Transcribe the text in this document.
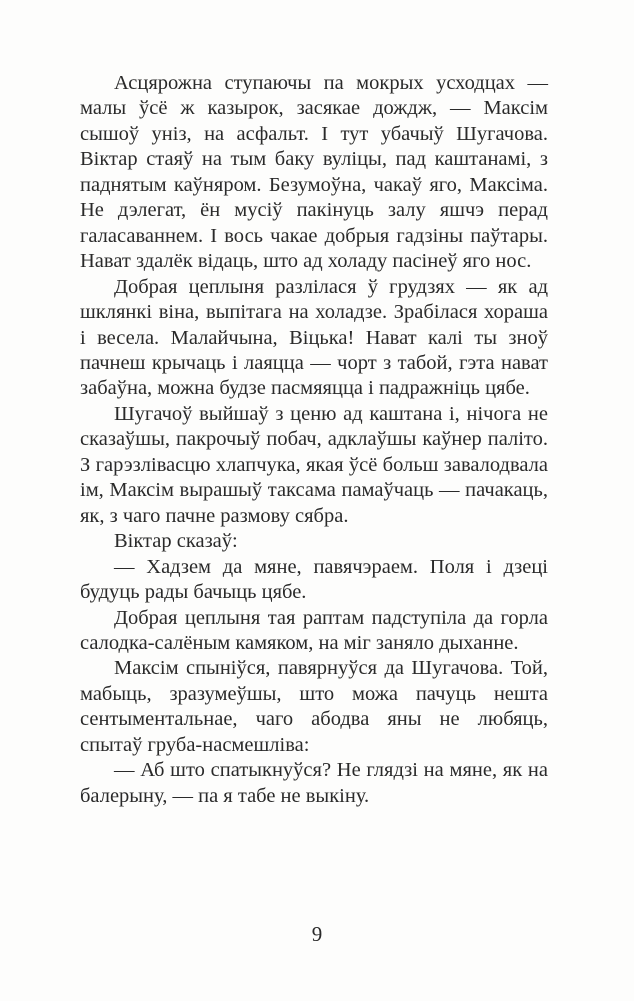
Асцярожна ступаючы па мокрых усходцах — малы ўсё ж казырок, засякае дождж, — Максім сышоў уніз, на асфальт. І тут убачыў Шугачова. Віктар стаяў на тым баку вуліцы, пад каштанамі, з паднятым каўняром. Безумоўна, чакаў яго, Максіма. Не дэлегат, ён мусіў пакінуць залу яшчэ перад галасаваннем. І вось чакае добрыя гадзіны паўтары. Нават здалёк відаць, што ад холаду пасінеў яго нос.

Добрая цеплыня разлілася ў грудзях — як ад шклянкі віна, выпітага на холадзе. Зрабілася хораша і весела. Малайчына, Віцька! Нават калі ты зноў пачнеш крычаць і лаяцца — чорт з табой, гэта нават забаўна, можна будзе пасмяяцца і падражніць цябе.

Шугачоў выйшаў з ценю ад каштана і, нічога не сказаўшы, пакрочыў побач, адклаўшы каўнер паліто. З гарэзлівасцю хлапчука, якая ўсё больш завалодвала ім, Максім вырашыў таксама памаўчаць — пачакаць, як, з чаго пачне размову сябра.

Віктар сказаў:

— Хадзем да мяне, павячэраем. Поля і дзеці будуць рады бачыць цябе.

Добрая цеплыня тая раптам падступіла да горла салодка-салёным камяком, на міг заняло дыханне.

Максім спыніўся, павярнуўся да Шугачова. Той, мабыць, зразумеўшы, што можа пачуць нешта сентыментальнае, чаго абодва яны не любяць, спытаў груба-насмешліва:

— Аб што спатыкнуўся? Не глядзі на мяне, як на балерыну, — па я табе не выкіну.

9
